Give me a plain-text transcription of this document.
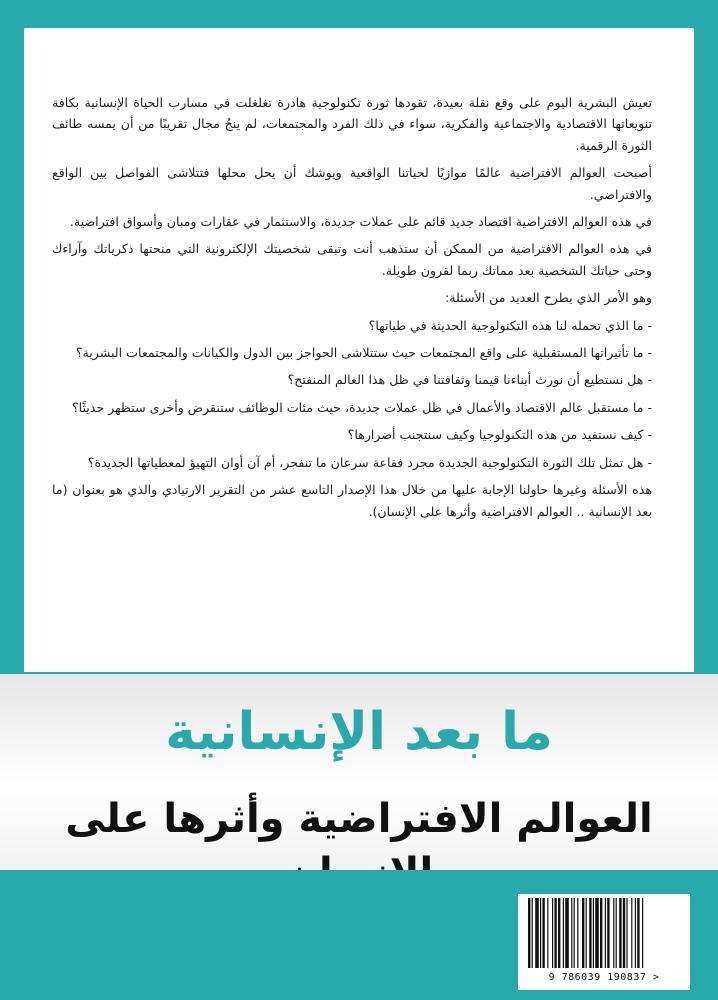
تعيش البشرية اليوم على وقع نقلة بعيدة، تقودها ثورة تكنولوجية هادرة تغلغلت في مسارب الحياة الإنسانية بكافة تنويعاتها الاقتصادية والاجتماعية والفكرية، سواء في ذلك الفرد والمجتمعات، لم ينجُ مجال تقريبًا من أن يمسه طائف الثورة الرقمية.

أصبحت العوالم الافتراضية عالمًا موازيًا لحياتنا الواقعية ويوشك أن يحل محلها فتتلاشى الفواصل بين الواقع والافتراضي.

في هذه العوالم الافتراضية اقتصاد جديد قائم على عملات جديدة، والاستثمار في عقارات ومبان وأسواق افتراضية.

في هذه العوالم الافتراضية من الممكن أن ستذهب أنت وتبقى شخصيتك الإلكترونية التي منحتها ذكرياتك وآراءك وحتى حياتك الشخصية بعد مماتك ربما لقرون طويلة.

وهو الأمر الذي يطرح العديد من الأسئلة:

- ما الذي تحمله لنا هذه التكنولوجية الحديثة في طياتها؟

- ما تأثيراتها المستقبلية على واقع المجتمعات حيث ستتلاشى الحواجز بين الدول والكيانات والمجتمعات البشرية؟

- هل نستطيع أن نورث أبناءنا قيمنا وثقافتنا في ظل هذا العالم المنفتح؟

- ما مستقبل عالم الاقتصاد والأعمال في ظل عملات جديدة، حيث مئات الوظائف ستنقرض وأخرى ستظهر حديثًا؟

- كيف نستفيد من هذه التكنولوجيا وكيف سنتجنب أضرارها؟

- هل تمثل تلك الثورة التكنولوجية الجديدة مجرد فقاعة سرعان ما تنفجر، أم آن أوان التهيؤ لمعطياتها الجديدة؟

هذه الأسئلة وغيرها حاولنا الإجابة عليها من خلال هذا الإصدار التاسع عشر من التقرير الارتيادي والذي هو بعنوان (ما بعد الإنسانية .. العوالم الافتراضية وأثرها على الإنسان).

ما بعد الإنسانية
العوالم الافتراضية وأثرها على
9 786039 190837 >
